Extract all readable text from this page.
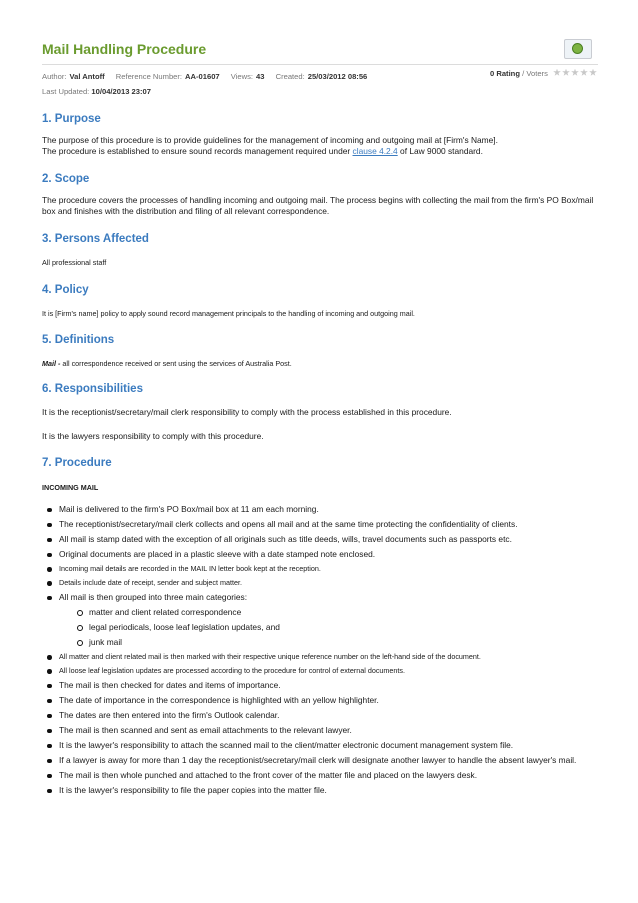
Mail Handling Procedure
Author: Val Antoff Reference Number: AA-01607 Views: 43 Created: 25/03/2012 08:56	0 Rating / Voters
Last Updated: 10/04/2013 23:07
1. Purpose

The purpose of this procedure is to provide guidelines for the management of incoming and outgoing mail at [Firm's Name].
The procedure is established to ensure sound records management required under clause 4.2.4 of Law 9000 standard.

2. Scope

The procedure covers the processes of handling incoming and outgoing mail. The process begins with collecting the mail from the firm's PO Box/mail box and finishes with the distribution and filing of all relevant correspondence.

3. Persons Affected

All professional staff

4. Policy

It is [Firm's name] policy to apply sound record management principals to the handling of incoming and outgoing mail.

5. Definitions

Mail - all correspondence received or sent using the services of Australia Post.

6. Responsibilities

It is the receptionist/secretary/mail clerk responsibility to comply with the process established in this procedure.

It is the lawyers responsibility to comply with this procedure.

7. Procedure

INCOMING MAIL

Mail is delivered to the firm's PO Box/mail box at 11 am each morning.
The receptionist/secretary/mail clerk collects and opens all mail and at the same time protecting the confidentiality of clients.
All mail is stamp dated with the exception of all originals such as title deeds, wills, travel documents such as passports etc.
Original documents are placed in a plastic sleeve with a date stamped note enclosed.
Incoming mail details are recorded in the MAIL IN letter book kept at the reception.
Details include date of receipt, sender and subject matter.
All mail is then grouped into three main categories:
matter and client related correspondence
legal periodicals, loose leaf legislation updates, and
junk mail
All matter and client related mail is then marked with their respective unique reference number on the left-hand side of the document.
All loose leaf legislation updates are processed according to the procedure for control of external documents.
The mail is then checked for dates and items of importance.
The date of importance in the correspondence is highlighted with an yellow highlighter.
The dates are then entered into the firm's Outlook calendar.
The mail is then scanned and sent as email attachments to the relevant lawyer.
It is the lawyer's responsibility to attach the scanned mail to the client/matter electronic document management system file.
If a lawyer is away for more than 1 day the receptionist/secretary/mail clerk will designate another lawyer to handle the absent lawyer's mail.
The mail is then whole punched and attached to the front cover of the matter file and placed on the lawyers desk.
It is the lawyer's responsibility to file the paper copies into the matter file.
